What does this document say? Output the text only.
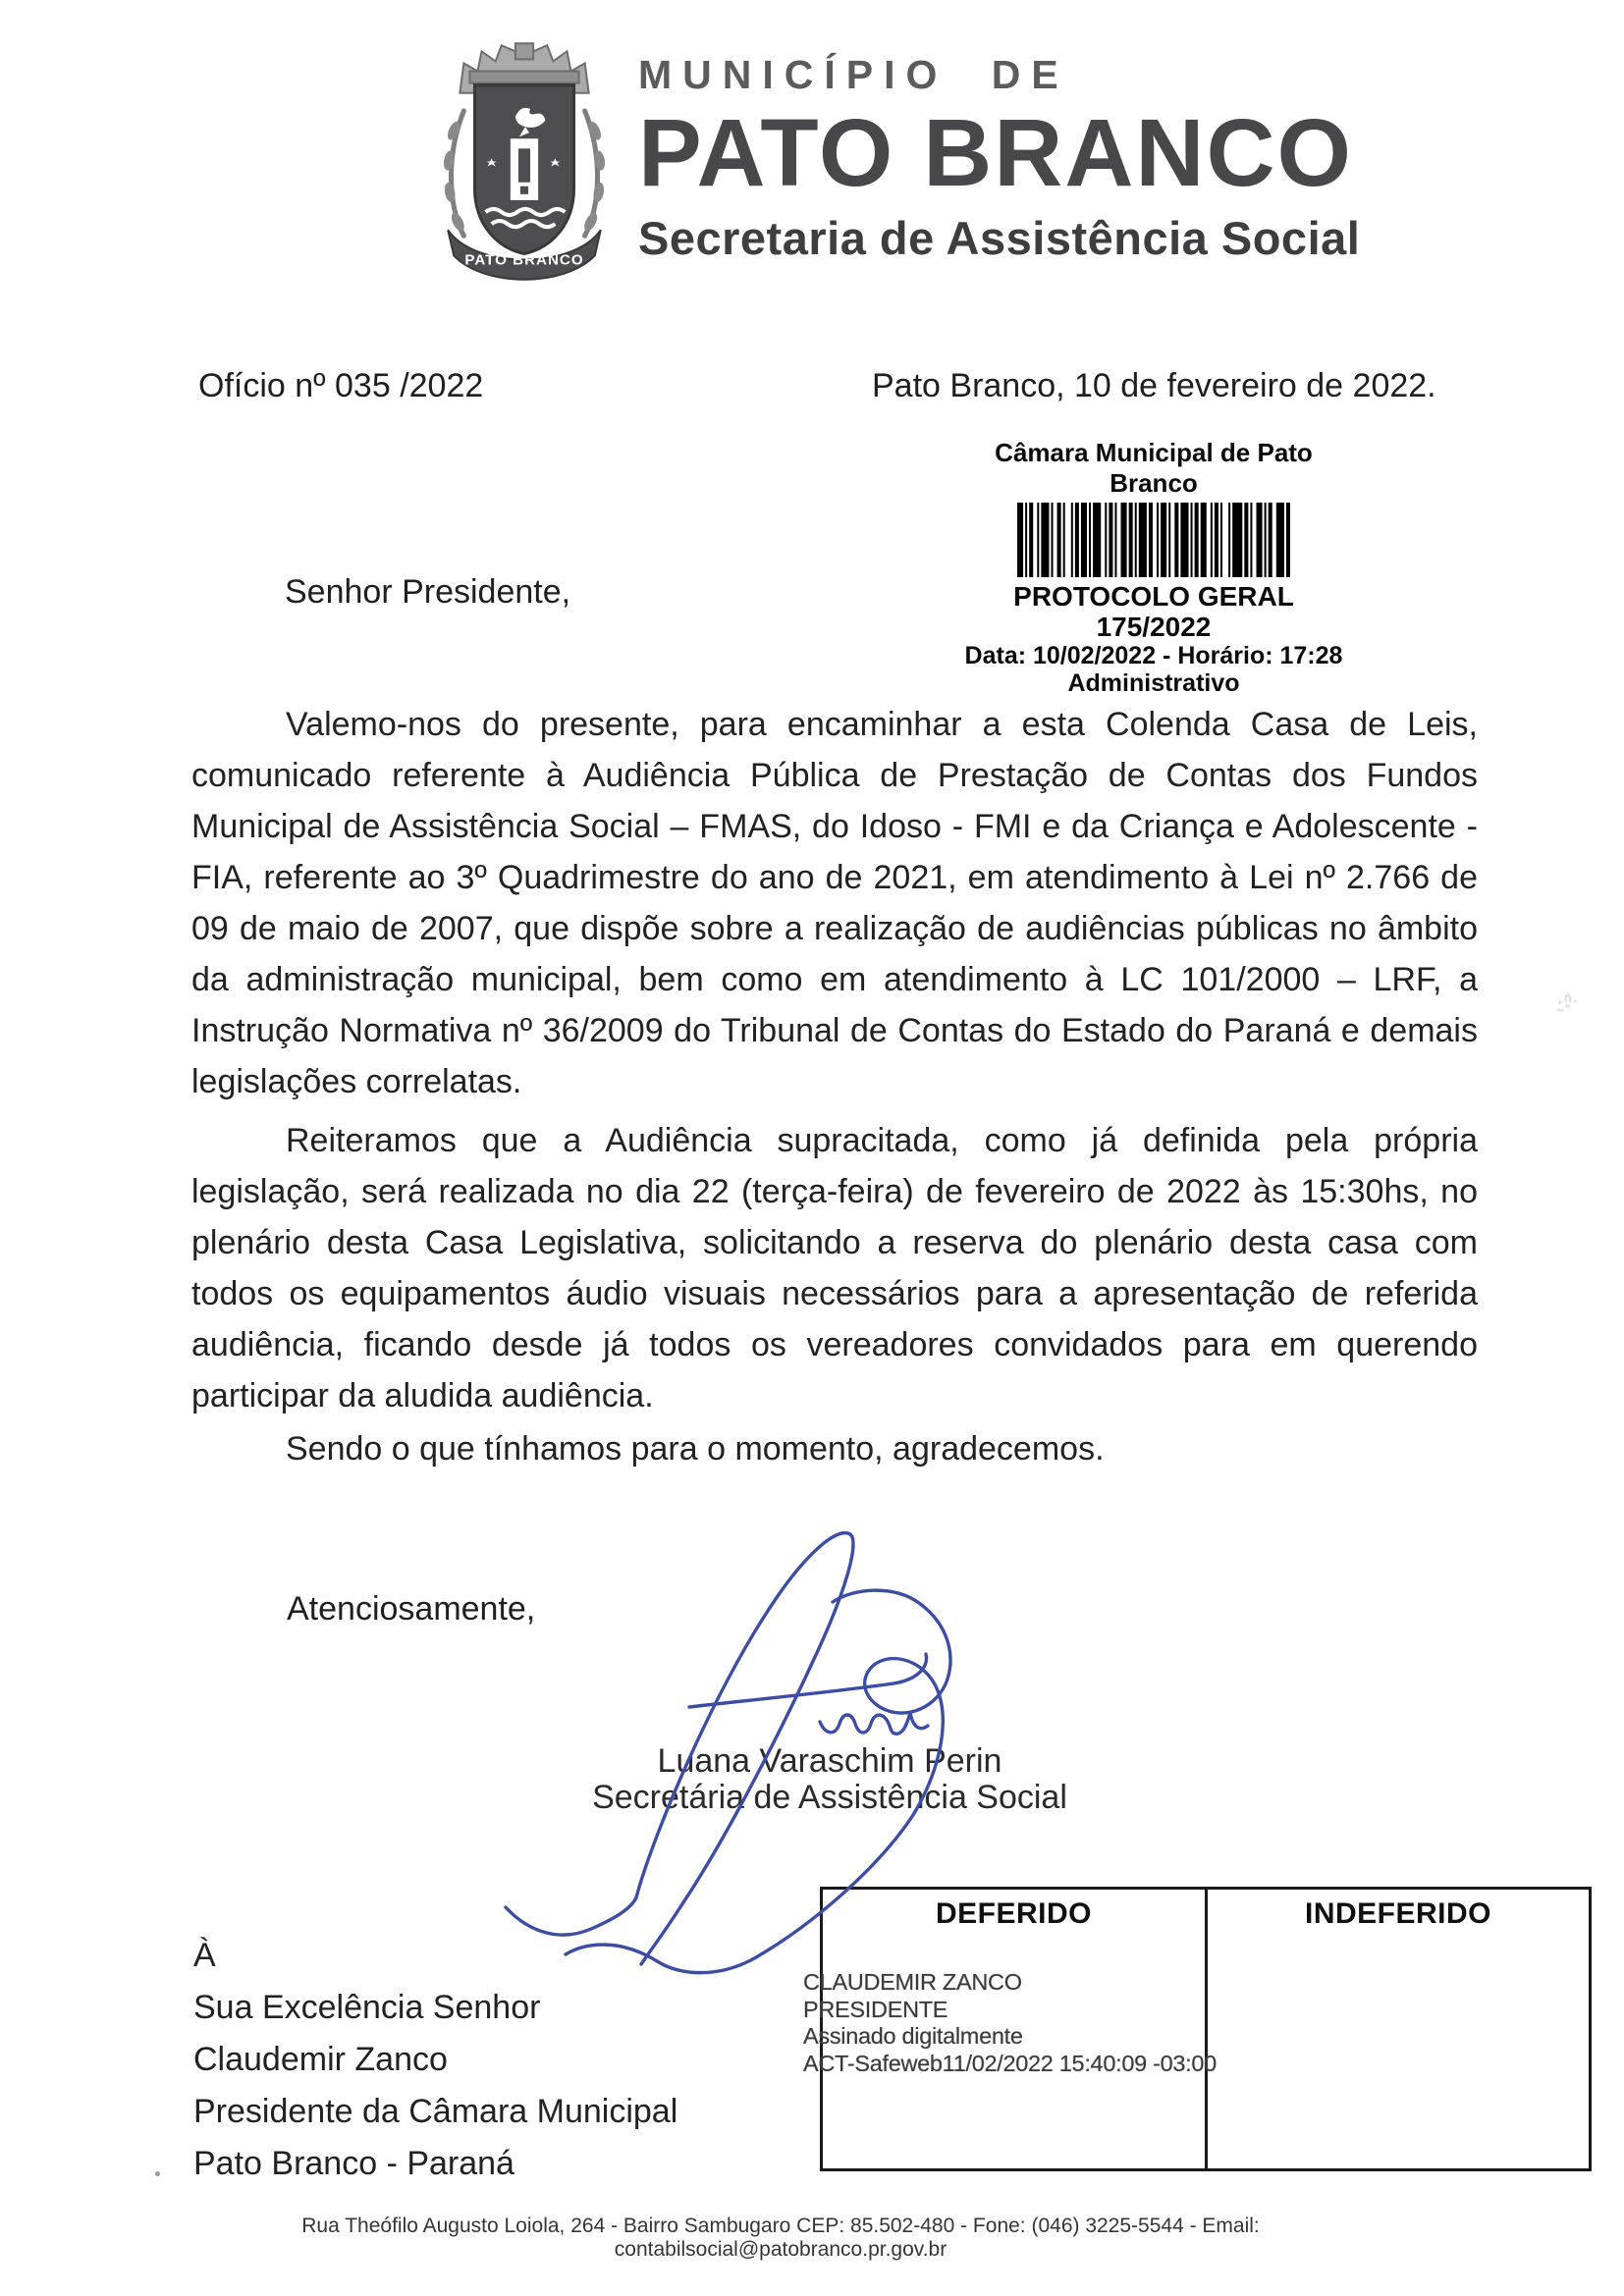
PATO BRANCO
MUNICÍPIO DE
PATO BRANCO
Secretaria de Assistência Social
Ofício nº 035 /2022	Pato Branco, 10 de fevereiro de 2022.
Câmara Municipal de Pato Branco
PROTOCOLO GERAL 175/2022
Data: 10/02/2022 - Horário: 17:28
Administrativo
Senhor Presidente,
Valemo-nos do presente, para encaminhar a esta Colenda Casa de Leis, comunicado referente à Audiência Pública de Prestação de Contas dos Fundos Municipal de Assistência Social – FMAS, do Idoso - FMI e da Criança e Adolescente - FIA, referente ao 3º Quadrimestre do ano de 2021, em atendimento à Lei nº 2.766 de 09 de maio de 2007, que dispõe sobre a realização de audiências públicas no âmbito da administração municipal, bem como em atendimento à LC 101/2000 – LRF, a Instrução Normativa nº 36/2009 do Tribunal de Contas do Estado do Paraná e demais legislações correlatas.
Reiteramos que a Audiência supracitada, como já definida pela própria legislação, será realizada no dia 22 (terça-feira) de fevereiro de 2022 às 15:30hs, no plenário desta Casa Legislativa, solicitando a reserva do plenário desta casa com todos os equipamentos áudio visuais necessários para a apresentação de referida audiência, ficando desde já todos os vereadores convidados para em querendo participar da aludida audiência.
Sendo o que tínhamos para o momento, agradecemos.
Atenciosamente,
Luana Varaschim Perin
Secretária de Assistência Social
À
Sua Excelência Senhor
Claudemir Zanco
Presidente da Câmara Municipal
Pato Branco - Paraná
DEFERIDO	INDEFERIDO
CLAUDEMIR ZANCO
PRESIDENTE
Assinado digitalmente
ACT-Safeweb11/02/2022 15:40:09 -03:00
Rua Theófilo Augusto Loiola, 264 - Bairro Sambugaro CEP: 85.502-480 - Fone: (046) 3225-5544 - Email: contabilsocial@patobranco.pr.gov.br
,ṅ.
~"
